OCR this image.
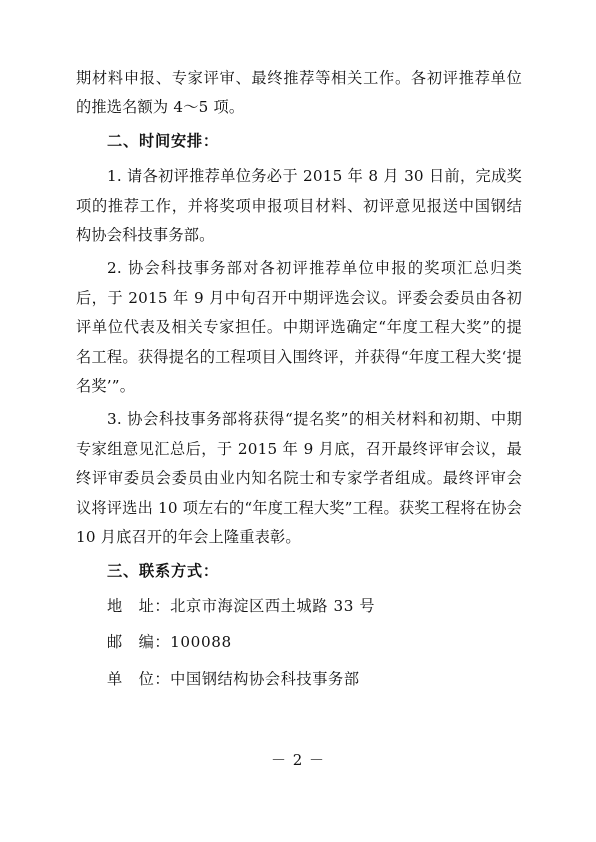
期材料申报、专家评审、最终推荐等相关工作。各初评推荐单位的推选名额为 4～5 项。

二、时间安排：

1. 请各初评推荐单位务必于 2015 年 8 月 30 日前，完成奖项的推荐工作，并将奖项申报项目材料、初评意见报送中国钢结构协会科技事务部。

2. 协会科技事务部对各初评推荐单位申报的奖项汇总归类后，于 2015 年 9 月中旬召开中期评选会议。评委会委员由各初评单位代表及相关专家担任。中期评选确定“年度工程大奖”的提名工程。获得提名的工程项目入围终评，并获得“年度工程大奖‘提名奖’”。

3. 协会科技事务部将获得“提名奖”的相关材料和初期、中期专家组意见汇总后，于 2015 年 9 月底，召开最终评审会议，最终评审委员会委员由业内知名院士和专家学者组成。最终评审会议将评选出 10 项左右的“年度工程大奖”工程。获奖工程将在协会 10 月底召开的年会上隆重表彰。

三、联系方式：

地　址：北京市海淀区西土城路 33 号

邮　编：100088

单　位：中国钢结构协会科技事务部

－ 2 －
